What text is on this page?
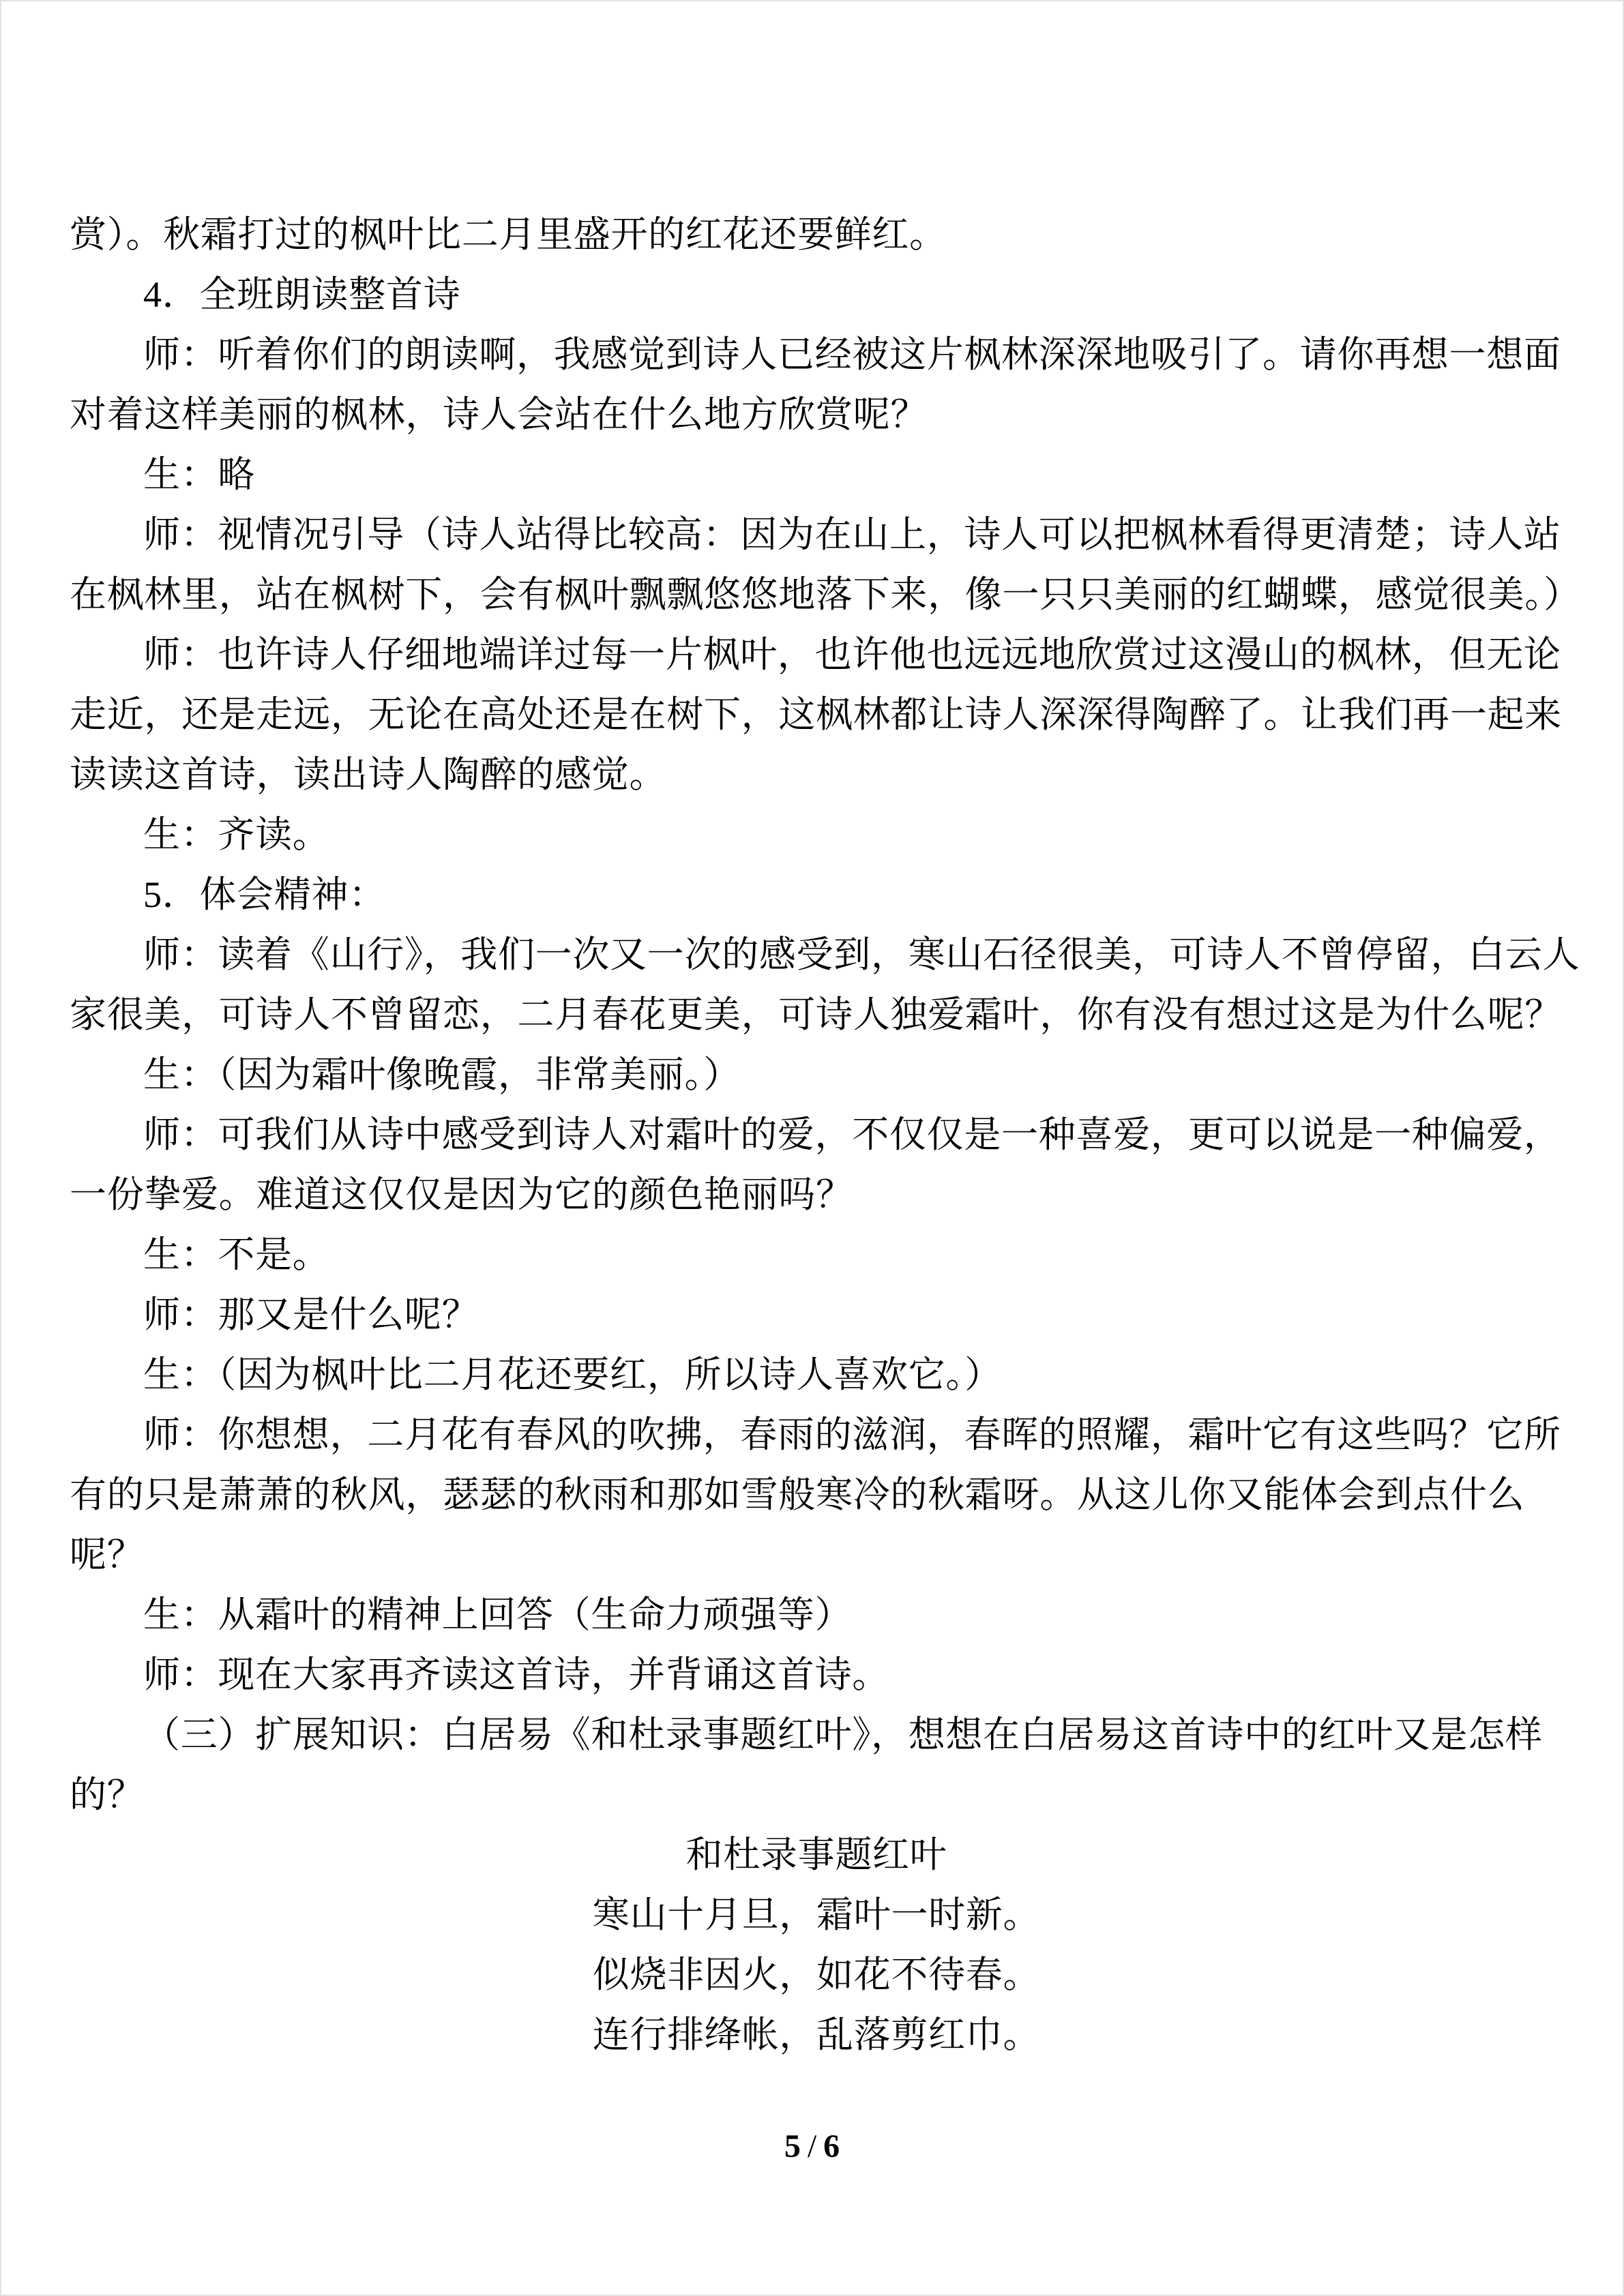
赏）。秋霜打过的枫叶比二月里盛开的红花还要鲜红。
4．全班朗读整首诗
师：听着你们的朗读啊，我感觉到诗人已经被这片枫林深深地吸引了。请你再想一想面
对着这样美丽的枫林，诗人会站在什么地方欣赏呢？
生：略
师：视情况引导（诗人站得比较高：因为在山上，诗人可以把枫林看得更清楚；诗人站
在枫林里，站在枫树下，会有枫叶飘飘悠悠地落下来，像一只只美丽的红蝴蝶，感觉很美。）
师：也许诗人仔细地端详过每一片枫叶，也许他也远远地欣赏过这漫山的枫林，但无论
走近，还是走远，无论在高处还是在树下，这枫林都让诗人深深得陶醉了。让我们再一起来
读读这首诗，读出诗人陶醉的感觉。
生：齐读。
5．体会精神：
师：读着《山行》，我们一次又一次的感受到，寒山石径很美，可诗人不曾停留，白云人
家很美，可诗人不曾留恋，二月春花更美，可诗人独爱霜叶，你有没有想过这是为什么呢？
生：（因为霜叶像晚霞，非常美丽。）
师：可我们从诗中感受到诗人对霜叶的爱，不仅仅是一种喜爱，更可以说是一种偏爱，
一份挚爱。难道这仅仅是因为它的颜色艳丽吗？
生：不是。
师：那又是什么呢？
生：（因为枫叶比二月花还要红，所以诗人喜欢它。）
师：你想想，二月花有春风的吹拂，春雨的滋润，春晖的照耀，霜叶它有这些吗？它所
有的只是萧萧的秋风，瑟瑟的秋雨和那如雪般寒冷的秋霜呀。从这儿你又能体会到点什么
呢？
生：从霜叶的精神上回答（生命力顽强等）
师：现在大家再齐读这首诗，并背诵这首诗。
（三）扩展知识：白居易《和杜录事题红叶》，想想在白居易这首诗中的红叶又是怎样
的？
和杜录事题红叶
寒山十月旦，霜叶一时新。
似烧非因火，如花不待春。
连行排绛帐，乱落剪红巾。
5 / 6
